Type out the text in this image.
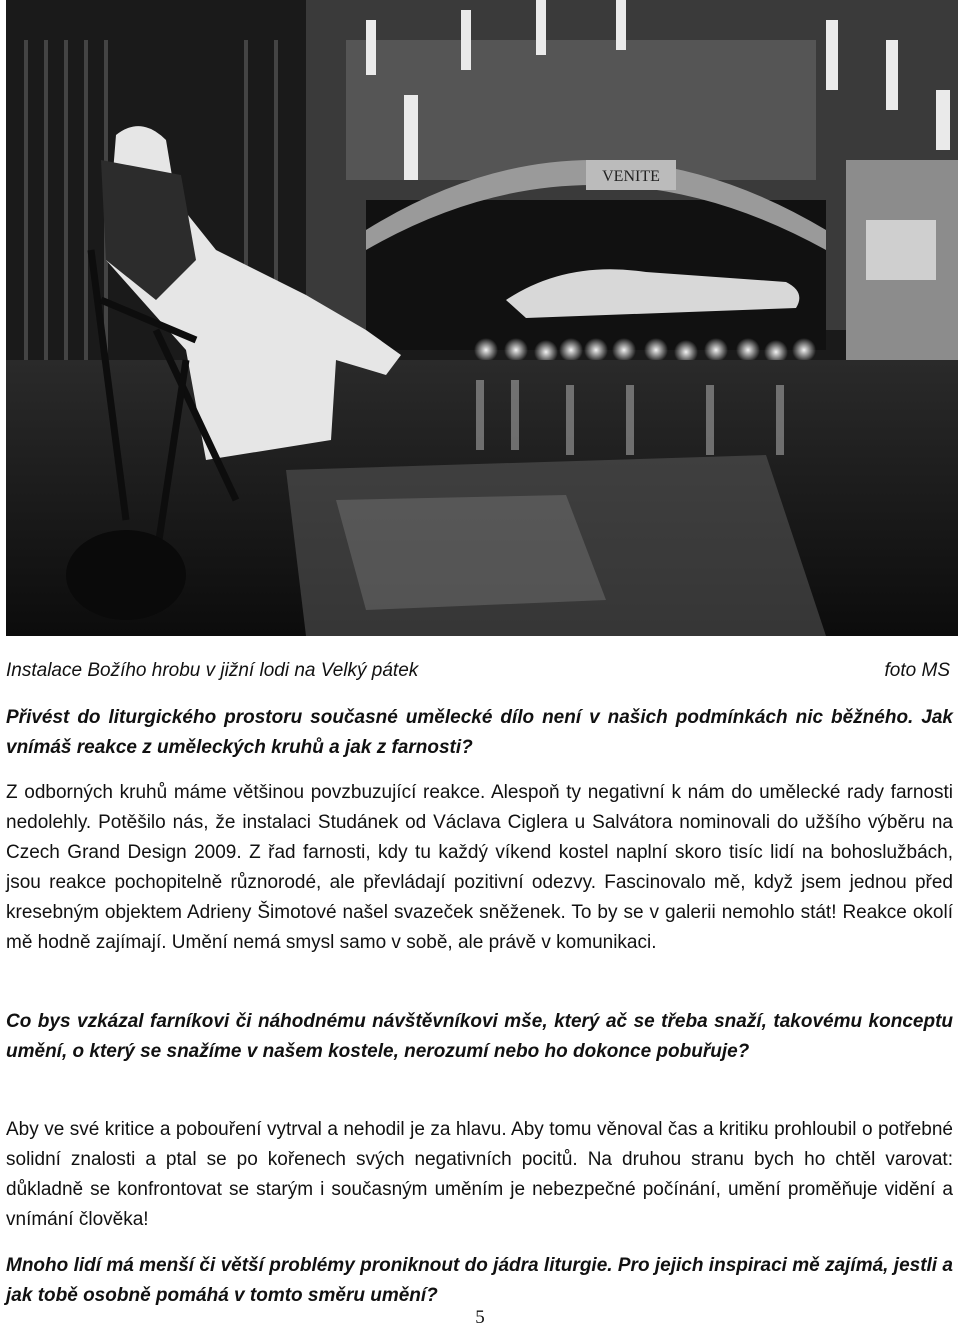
VENITE
Instalace Božího hrobu v jižní lodi na Velký pátek	foto MS
Přivést do liturgického prostoru současné umělecké dílo není v našich podmínkách nic běžného. Jak vnímáš reakce z uměleckých kruhů a jak z farnosti?
Z odborných kruhů máme většinou povzbuzující reakce. Alespoň ty negativní k nám do umělecké rady farnosti nedolehly. Potěšilo nás, že instalaci Studánek od Václava Ciglera u Salvátora nominovali do užšího výběru na Czech Grand Design 2009. Z řad farnosti, kdy tu každý víkend kostel naplní skoro tisíc lidí na bohoslužbách, jsou reakce pochopitelně různorodé, ale převládají pozitivní odezvy. Fascinovalo mě, když jsem jednou před kresebným objektem Adrieny Šimotové našel svazeček sněženek. To by se v galerii nemohlo stát! Reakce okolí mě hodně zajímají. Umění nemá smysl samo v sobě, ale právě v komunikaci.
Co bys vzkázal farníkovi či náhodnému návštěvníkovi mše, který ač se třeba snaží, takovému konceptu umění, o který se snažíme v našem kostele, nerozumí nebo ho dokonce pobuřuje?
Aby ve své kritice a pobouření vytrval a nehodil je za hlavu. Aby tomu věnoval čas a kritiku prohloubil o potřebné solidní znalosti a ptal se po kořenech svých negativních pocitů. Na druhou stranu bych ho chtěl varovat: důkladně se konfrontovat se starým i současným uměním je nebezpečné počínání, umění proměňuje vidění a vnímání člověka!
Mnoho lidí má menší či větší problémy proniknout do jádra liturgie. Pro jejich inspiraci mě zajímá, jestli a jak tobě osobně pomáhá v tomto směru umění?
5
